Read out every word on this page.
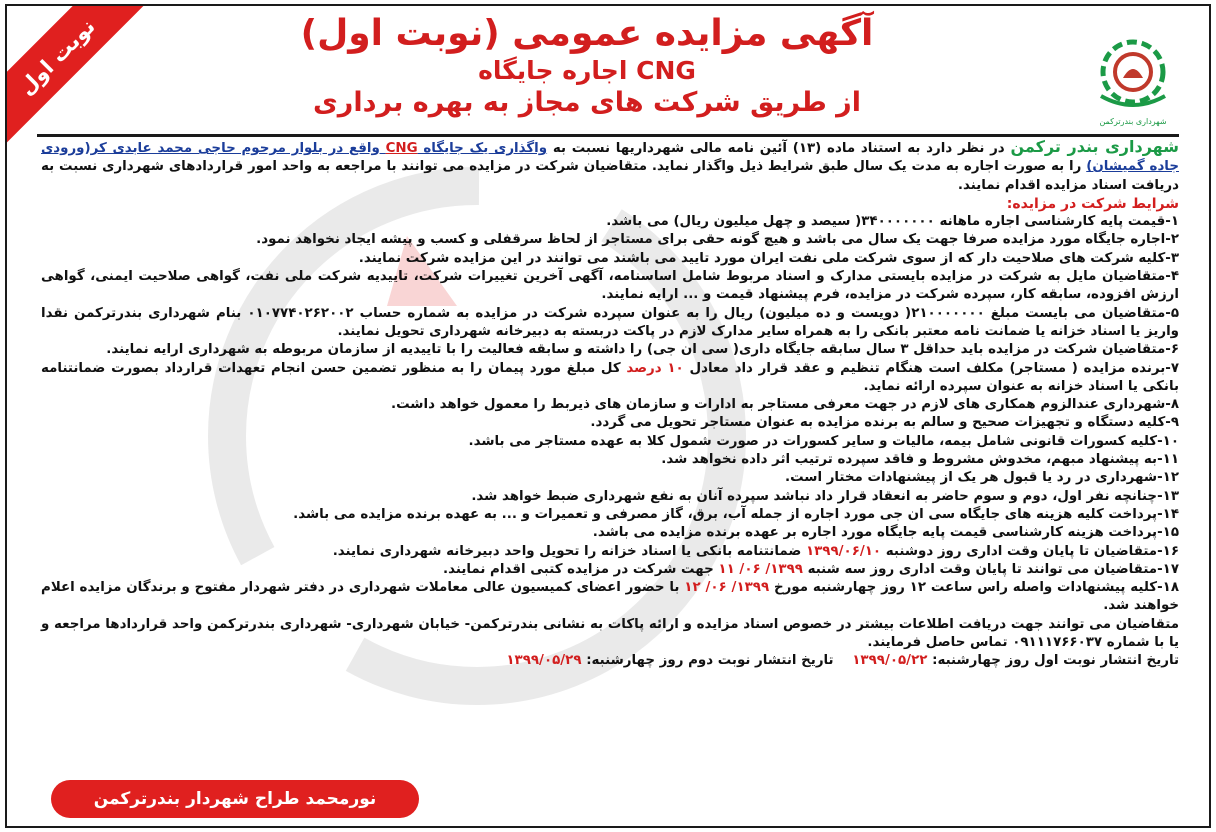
نوبت اول
شهرداری بندرترکمن

آگهی مزایده عمومی (نوبت اول)

اجاره جایگاه CNG

از طریق شرکت های مجاز به بهره برداری

شهرداری بندر ترکمن در نظر دارد به استناد ماده (۱۳) آئین نامه مالی شهرداریها نسبت به واگذاری یک جایگاه CNG واقع در بلوار مرحوم حاجی محمد عابدی کر(ورودی جاده گمیشان) را به صورت اجاره به مدت یک سال طبق شرایط ذیل واگذار نماید. متقاضیان شرکت در مزایده می توانند با مراجعه به واحد امور قراردادهای شهرداری نسبت به دریافت اسناد مزایده اقدام نمایند.

شرایط شرکت در مزایده:

۱-قیمت پایه کارشناسی اجاره ماهانه ۳۴۰۰۰۰۰۰۰( سیصد و چهل میلیون ریال) می باشد.

۲-اجاره جایگاه مورد مزایده صرفا جهت یک سال می باشد و هیچ گونه حقی برای مستاجر از لحاظ سرقفلی و کسب و پیشه ایجاد نخواهد نمود.

۳-کلیه شرکت های صلاحیت دار که از سوی شرکت ملی نفت ایران مورد تایید می باشند می توانند در این مزایده شرکت نمایند.

۴-متقاضیان مایل به شرکت در مزایده بایستی مدارک و اسناد مربوط شامل اساسنامه، آگهی آخرین تغییرات شرکت، تاییدیه شرکت ملی نفت، گواهی صلاحیت ایمنی، گواهی ارزش افزوده، سابقه کار، سپرده شرکت در مزایده، فرم پیشنهاد قیمت و ... ارایه نمایند.

۵-متقاضیان می بایست مبلغ ۲۱۰۰۰۰۰۰۰( دویست و ده میلیون) ریال را به عنوان سپرده شرکت در مزایده به شماره حساب ۰۱۰۷۷۴۰۲۶۲۰۰۲ بنام شهرداری بندرترکمن نقدا واریز یا اسناد خزانه یا ضمانت نامه معتبر بانکی را به همراه سایر مدارک لازم در پاکت دربسته به دبیرخانه شهرداری تحویل نمایند.

۶-متقاضیان شرکت در مزایده باید حداقل ۳ سال سابقه جایگاه داری( سی ان جی) را داشته و سابقه فعالیت را با تاییدیه از سازمان مربوطه به شهرداری ارایه نمایند.

۷-برنده مزایده ( مستاجر) مکلف است هنگام تنظیم و عقد قرار داد معادل ۱۰ درصد کل مبلغ مورد پیمان را به منظور تضمین حسن انجام تعهدات قرارداد بصورت ضمانتنامه بانکی یا اسناد خزانه به عنوان سپرده ارائه نماید.

۸-شهرداری عندالزوم همکاری های لازم در جهت معرفی مستاجر به ادارات و سازمان های ذیربط را معمول خواهد داشت.

۹-کلیه دستگاه و تجهیزات صحیح و سالم به برنده مزایده به عنوان مستاجر تحویل می گردد.

۱۰-کلیه کسورات قانونی شامل بیمه، مالیات و سایر کسورات در صورت شمول کلا به عهده مستاجر می باشد.

۱۱-به پیشنهاد مبهم، مخدوش مشروط و فاقد سپرده ترتیب اثر داده نخواهد شد.

۱۲-شهرداری در رد یا قبول هر یک از پیشنهادات مختار است.

۱۳-چنانچه نفر اول، دوم و سوم حاضر به انعقاد قرار داد نباشد سپرده آنان به نفع شهرداری ضبط خواهد شد.

۱۴-پرداخت کلیه هزینه های جایگاه سی ان جی مورد اجاره از جمله آب، برق، گاز مصرفی و تعمیرات و ... به عهده برنده مزایده می باشد.

۱۵-پرداخت هزینه کارشناسی قیمت پایه جایگاه مورد اجاره بر عهده برنده مزایده می باشد.

۱۶-متقاضیان تا پایان وقت اداری روز دوشنبه ۱۳۹۹/۰۶/۱۰ ضمانتنامه بانکی یا اسناد خزانه را تحویل واحد دبیرخانه شهرداری نمایند.

۱۷-متقاضیان می توانند تا پایان وقت اداری روز سه شنبه ۱۳۹۹/ ۰۶/ ۱۱ جهت شرکت در مزایده کتبی اقدام نمایند.

۱۸-کلیه پیشنهادات واصله راس ساعت ۱۲ روز چهارشنبه مورخ ۱۳۹۹/ ۰۶/ ۱۲ با حضور اعضای کمیسیون عالی معاملات شهرداری در دفتر شهردار مفتوح و برندگان مزایده اعلام خواهند شد.

متقاضیان می توانند جهت دریافت اطلاعات بیشتر در خصوص اسناد مزایده و ارائه پاکات به نشانی بندرترکمن- خیابان شهرداری- شهرداری بندرترکمن واحد قراردادها مراجعه و یا با شماره ۰۹۱۱۱۷۶۶۰۳۷ تماس حاصل فرمایند.

تاریخ انتشار نوبت اول روز چهارشنبه: ۱۳۹۹/۰۵/۲۲    تاریخ انتشار نوبت دوم روز چهارشنبه: ۱۳۹۹/۰۵/۲۹

نورمحمد طراح شهردار بندرترکمن
